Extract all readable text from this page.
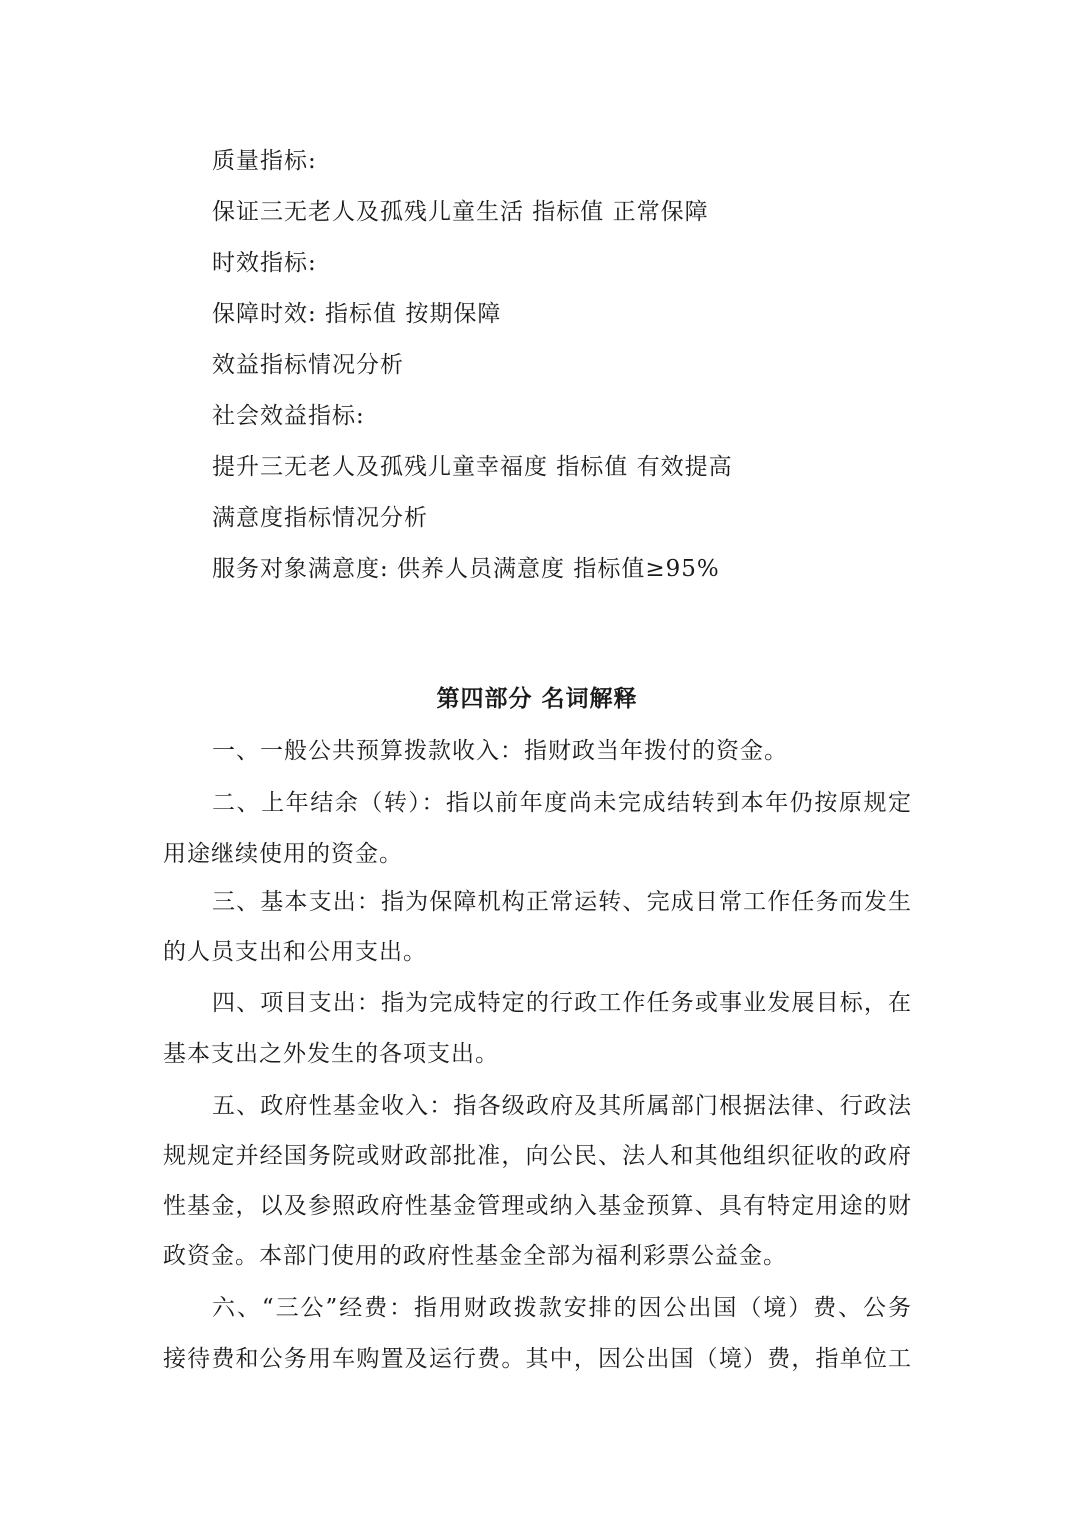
质量指标:
保证三无老人及孤残儿童生活 指标值 正常保障
时效指标:
保障时效: 指标值 按期保障
效益指标情况分析
社会效益指标:
提升三无老人及孤残儿童幸福度 指标值 有效提高
满意度指标情况分析
服务对象满意度: 供养人员满意度 指标值≥95%
第四部分 名词解释
一、一般公共预算拨款收入：指财政当年拨付的资金。
二、上年结余（转）：指以前年度尚未完成结转到本年仍按原规定
用途继续使用的资金。
三、基本支出：指为保障机构正常运转、完成日常工作任务而发生
的人员支出和公用支出。
四、项目支出：指为完成特定的行政工作任务或事业发展目标，在
基本支出之外发生的各项支出。
五、政府性基金收入：指各级政府及其所属部门根据法律、行政法
规规定并经国务院或财政部批准，向公民、法人和其他组织征收的政府
性基金，以及参照政府性基金管理或纳入基金预算、具有特定用途的财
政资金。本部门使用的政府性基金全部为福利彩票公益金。
六、“三公”经费：指用财政拨款安排的因公出国（境）费、公务
接待费和公务用车购置及运行费。其中，因公出国（境）费，指单位工
